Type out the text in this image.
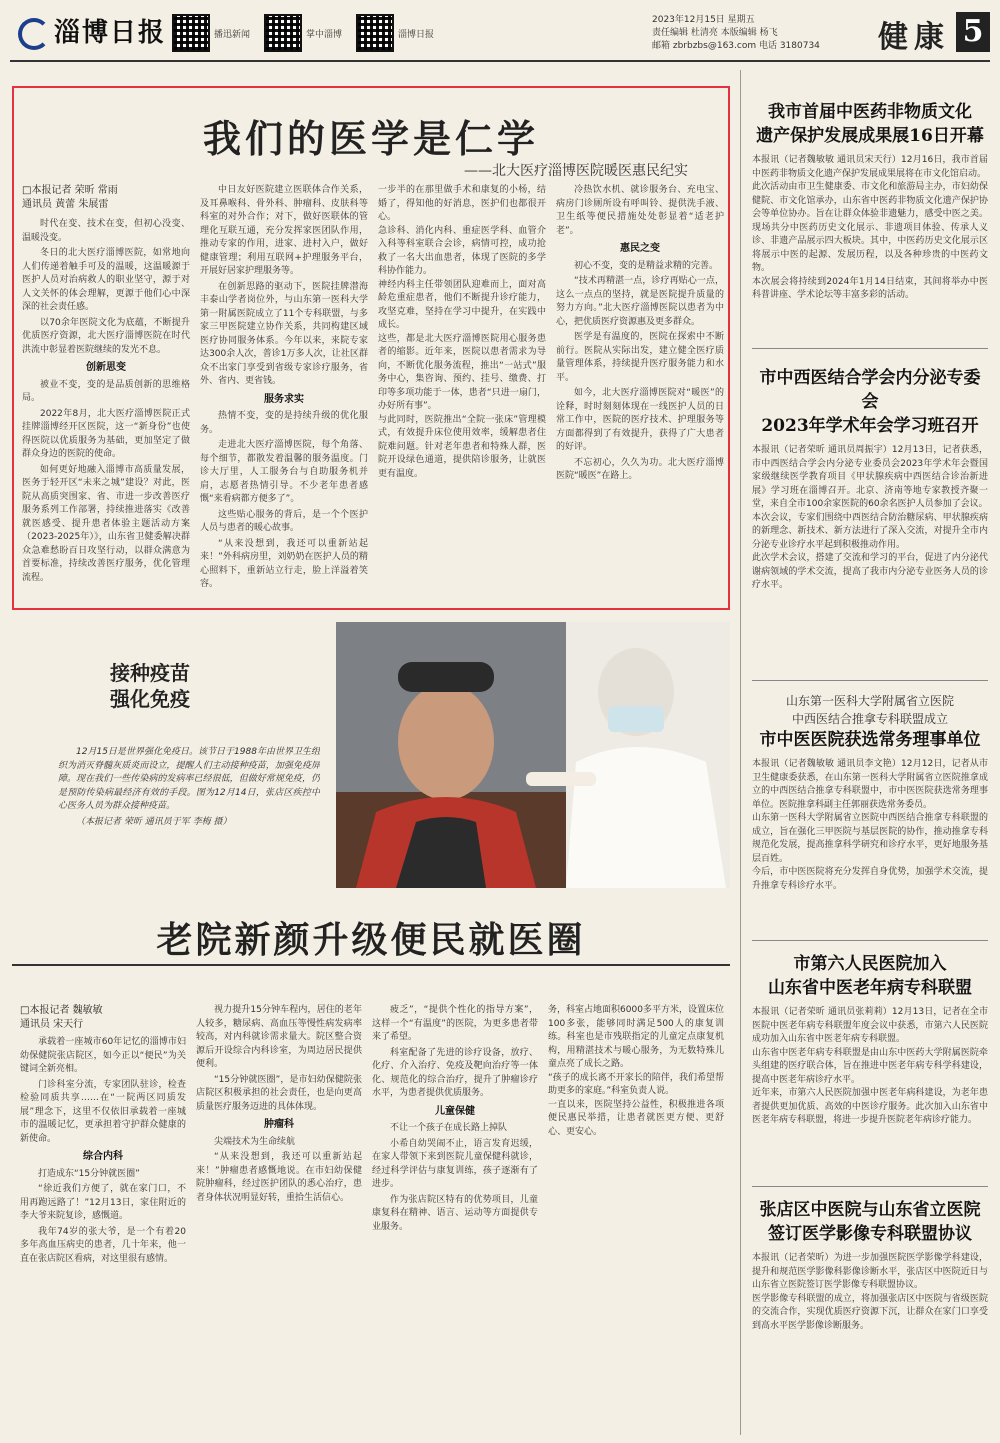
淄博日报	播迅新闻	掌中淄博	淄博日报
2023年12月15日 星期五
责任编辑 杜清亮 本版编辑 杨飞
邮箱 zbrbzbs@163.com 电话 3180734	健康 5
我们的医学是仁学
——北大医疗淄博医院暖医惠民纪实
□本报记者 荣昕 常雨
通讯员 黄蕾 朱展雷

时代在变、技术在变，但初心没变、温暖没变。

冬日的北大医疗淄博医院，如常地向人们传递着触手可及的温暖，这温暖源于医护人员对治病救人的职业坚守，源于对人文关怀的体会理解，更源于他们心中深深的社会责任感。

以70余年医院文化为底蕴，不断提升优质医疗资源，北大医疗淄博医院在时代洪流中彰显着医院继续的发光不息。

创新思变

被业不变，变的是品质创新的思维格局。

2022年8月，北大医疗淄博医院正式挂牌淄博经开区医院，这一“新身份”也使得医院以优质服务为基础，更加坚定了做群众身边的医院的使命。

如何更好地融入淄博市高质量发展，医务于轻开区“未来之城”建设？对此，医院从高质突围家、省、市进一步改善医疗服务系列工作部署，持续推进落实《改善就医感受、提升患者体验主题活动方案（2023-2025年）》，山东省卫健委解决群众急难愁盼百日攻坚行动，以群众满意为首要标准，持续改善医疗服务，优化管理流程。

中日友好医院建立医联体合作关系，及耳鼻喉科、骨外科、肿瘤科、皮肤科等科室的对外合作；对下，做好医联体的管理化互联互通，充分发挥家医团队作用，推动专家的作用，进家、进村入户，做好健康管理；利用互联网+护理服务平台，开展好居家护理服务等。

在创新思路的驱动下，医院挂牌潜海丰泰山学者岗位外，与山东第一医科大学第一附属医院成立了11个专科联盟，与多家三甲医院建立协作关系，共同构建区域医疗协同服务体系。今年以来，来院专家达300余人次，普诊1万多人次，让社区群众不出家门享受到省级专家诊疗服务，省外、省内、更省钱。

服务求实

热情不变，变的是持续升级的优化服务。

走进北大医疗淄博医院，每个角落、每个细节，都散发着温馨的服务温度。门诊大厅里，人工服务台与自助服务机并肩，志愿者热情引导。不少老年患者感慨“来看病都方便多了”。

这些贴心服务的背后，是一个个医护人员与患者的暖心故事。

“从来没想到，我还可以重新站起来！”外科病房里，刘奶奶在医护人员的精心照料下，重新站立行走，脸上洋溢着笑容。

一步半的在那里做手术和康复的小杨，结婚了，得知他的好消息，医护们也都很开心。
急诊科、消化内科、重症医学科、血管介入科等科室联合会诊，病情可控，成功抢救了一名大出血患者，体现了医院的多学科协作能力。
神经内科主任带领团队迎难而上，面对高龄危重症患者，他们不断提升诊疗能力，攻坚克难，坚持在学习中提升，在实践中成长。
这些，都是北大医疗淄博医院用心服务患者的缩影。近年来，医院以患者需求为导向，不断优化服务流程，推出“一站式”服务中心，集咨询、预约、挂号、缴费、打印等多项功能于一体，患者“只进一扇门，办好所有事”。
与此同时，医院推出“全院一张床”管理模式，有效提升床位使用效率，缓解患者住院难问题。针对老年患者和特殊人群，医院开设绿色通道，提供陪诊服务，让就医更有温度。

冷热饮水机、就诊服务台、充电宝、病房门诊厕所设有呼叫铃、提供洗手液、卫生纸等便民措施处处彰显着“适老护老”。

惠民之变

初心不变，变的是精益求精的完善。

“技术再精湛一点，诊疗再贴心一点，这么一点点的坚持，就是医院提升质量的努力方向。”北大医疗淄博医院以患者为中心，把优质医疗资源惠及更多群众。

医学是有温度的，医院在探索中不断前行。医院从实际出发，建立健全医疗质量管理体系，持续提升医疗服务能力和水平。

如今，北大医疗淄博医院对“暖医”的诠释，时时刻刻体现在一线医护人员的日常工作中，医院的医疗技术、护理服务等方面都得到了有效提升，获得了广大患者的好评。

不忘初心，久久为功。北大医疗淄博医院“暖医”在路上。

接种疫苗
强化免疫

12月15日是世界强化免疫日。该节日于1988年由世界卫生组织为消灭脊髓灰质炎而设立，提醒人们主动接种疫苗，加强免疫屏障。现在我们一些传染病的发病率已经很低，但做好常规免疫，仍是预防传染病最经济有效的手段。图为12月14日，张店区疾控中心医务人员为群众接种疫苗。

（本报记者 荣昕 通讯员于军 李梅 摄）

老院新颜升级便民就医圈
□本报记者 魏敏敏
通讯员 宋天行

承载着一座城市60年记忆的淄博市妇幼保健院张店院区，如今正以“便民”为关键词全新亮相。

门诊科室分流，专家团队驻诊，检查检验同质共享……在“一院两区同质发展”理念下，这里不仅依旧承载着一座城市的温暖记忆，更承担着守护群众健康的新使命。

综合内科

打造成东“15分钟就医圈”

“徐近我们方便了，就在家门口，不用再跑远路了！”12月13日，家住附近的李大爷来院复诊，感慨道。

我年74岁的张大爷，是一个有着20多年高血压病史的患者，几十年来，他一直在张店院区看病，对这里很有感情。

视力提升15分钟车程内，居住的老年人较多，糖尿病、高血压等慢性病发病率较高，对内科就诊需求量大。院区整合资源后开设综合内科诊室，为周边居民提供便利。

“15分钟就医圈”，是市妇幼保健院张店院区积极承担的社会责任，也是向更高质量医疗服务迈进的具体体现。

肿瘤科

尖端技术为生命续航

“从来没想到，我还可以重新站起来！”肿瘤患者感慨地说。在市妇幼保健院肿瘤科，经过医护团队的悉心治疗，患者身体状况明显好转，重拾生活信心。

疲乏”，“提供个性化的指导方案”，这样一个“有温度”的医院，为更多患者带来了希望。

科室配备了先进的诊疗设备，放疗、化疗、介入治疗、免疫及靶向治疗等一体化、规范化的综合治疗，提升了肿瘤诊疗水平，为患者提供优质服务。

儿童保健

不让一个孩子在成长路上掉队

小希自幼哭闹不止，语言发育迟缓，在家人带领下来到医院儿童保健科就诊，经过科学评估与康复训练，孩子逐渐有了进步。

作为张店院区特有的优势项目，儿童康复科在精神、语言、运动等方面提供专业服务。

务，科室占地面积6000多平方米，设置床位100多张，能够同时满足500人的康复训练。科室也是市残联指定的儿童定点康复机构，用精湛技术与暖心服务，为无数特殊儿童点亮了成长之路。
“孩子的成长离不开家长的陪伴，我们希望帮助更多的家庭。”科室负责人说。
一直以来，医院坚持公益性，积极推进各项便民惠民举措，让患者就医更方便、更舒心、更安心。
我市首届中医药非物质文化
遗产保护发展成果展16日开幕
本报讯（记者魏敏敏 通讯员宋天行）12月16日，我市首届中医药非物质文化遗产保护发展成果展将在市文化馆启动。
此次活动由市卫生健康委、市文化和旅游局主办，市妇幼保健院、市文化馆承办，山东省中医药非物质文化遗产保护协会等单位协办。旨在让群众体验非遗魅力，感受中医之美。现场共分中医药历史文化展示、非遗项目体验、传承人义诊、非遗产品展示四大板块。其中，中医药历史文化展示区将展示中医的起源、发展历程，以及各种珍贵的中医药文物。
本次展会将持续到2024年1月14日结束，其间将举办中医科普讲座、学术论坛等丰富多彩的活动。
市中西医结合学会内分泌专委会
2023年学术年会学习班召开
本报讯（记者荣昕 通讯员周振宇）12月13日，记者获悉，市中西医结合学会内分泌专业委员会2023年学术年会暨国家级继续医学教育项目《甲状腺疾病中西医结合诊治新进展》学习班在淄博召开。北京、济南等地专家教授齐聚一堂，来自全市100余家医院的60余名医护人员参加了会议。
本次会议，专家们围绕中西医结合防治糖尿病、甲状腺疾病的新理念、新技术、新方法进行了深入交流，对提升全市内分泌专业诊疗水平起到积极推动作用。
此次学术会议，搭建了交流和学习的平台，促进了内分泌代谢病领域的学术交流，提高了我市内分泌专业医务人员的诊疗水平。
山东第一医科大学附属省立医院
中西医结合推拿专科联盟成立
市中医医院获选常务理事单位
本报讯（记者魏敏敏 通讯员李文艳）12月12日，记者从市卫生健康委获悉，在山东第一医科大学附属省立医院推拿成立的中西医结合推拿专科联盟中，市中医医院获选常务理事单位。医院推拿科副主任郭丽获选常务委员。
山东第一医科大学附属省立医院中西医结合推拿专科联盟的成立，旨在强化三甲医院与基层医院的协作，推动推拿专科规范化发展，提高推拿科学研究和诊疗水平，更好地服务基层百姓。
今后，市中医医院将充分发挥自身优势，加强学术交流，提升推拿专科诊疗水平。
市第六人民医院加入
山东省中医老年病专科联盟
本报讯（记者荣昕 通讯员张莉莉）12月13日，记者在全市医院中医老年病专科联盟年度会议中获悉，市第六人民医院成功加入山东省中医老年病专科联盟。
山东省中医老年病专科联盟是由山东中医药大学附属医院牵头组建的医疗联合体，旨在推进中医老年病专科学科建设，提高中医老年病诊疗水平。
近年来，市第六人民医院加强中医老年病科建设，为老年患者提供更加优质、高效的中医诊疗服务。此次加入山东省中医老年病专科联盟，将进一步提升医院老年病诊疗能力。
张店区中医院与山东省立医院
签订医学影像专科联盟协议
本报讯（记者荣昕）为进一步加强医院医学影像学科建设，提升和规范医学影像科影像诊断水平，张店区中医院近日与山东省立医院签订医学影像专科联盟协议。
医学影像专科联盟的成立，将加强张店区中医院与省级医院的交流合作，实现优质医疗资源下沉，让群众在家门口享受到高水平医学影像诊断服务。
